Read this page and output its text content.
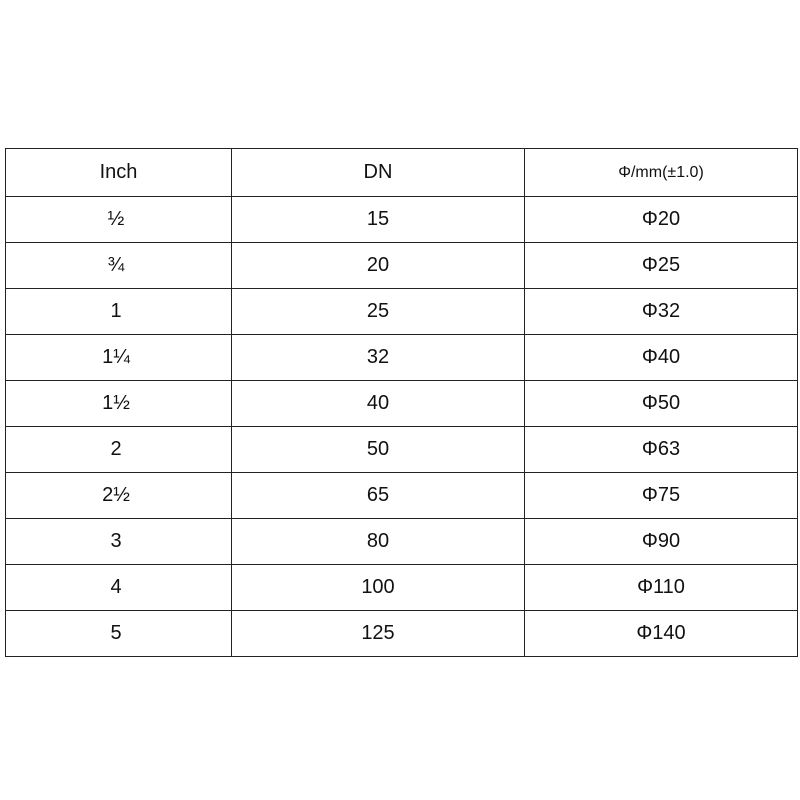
Inch	DN	Φ/mm(±1.0)
½	15	Φ20
¾	20	Φ25
1	25	Φ32
1¼	32	Φ40
1½	40	Φ50
2	50	Φ63
2½	65	Φ75
3	80	Φ90
4	100	Φ110
5	125	Φ140
